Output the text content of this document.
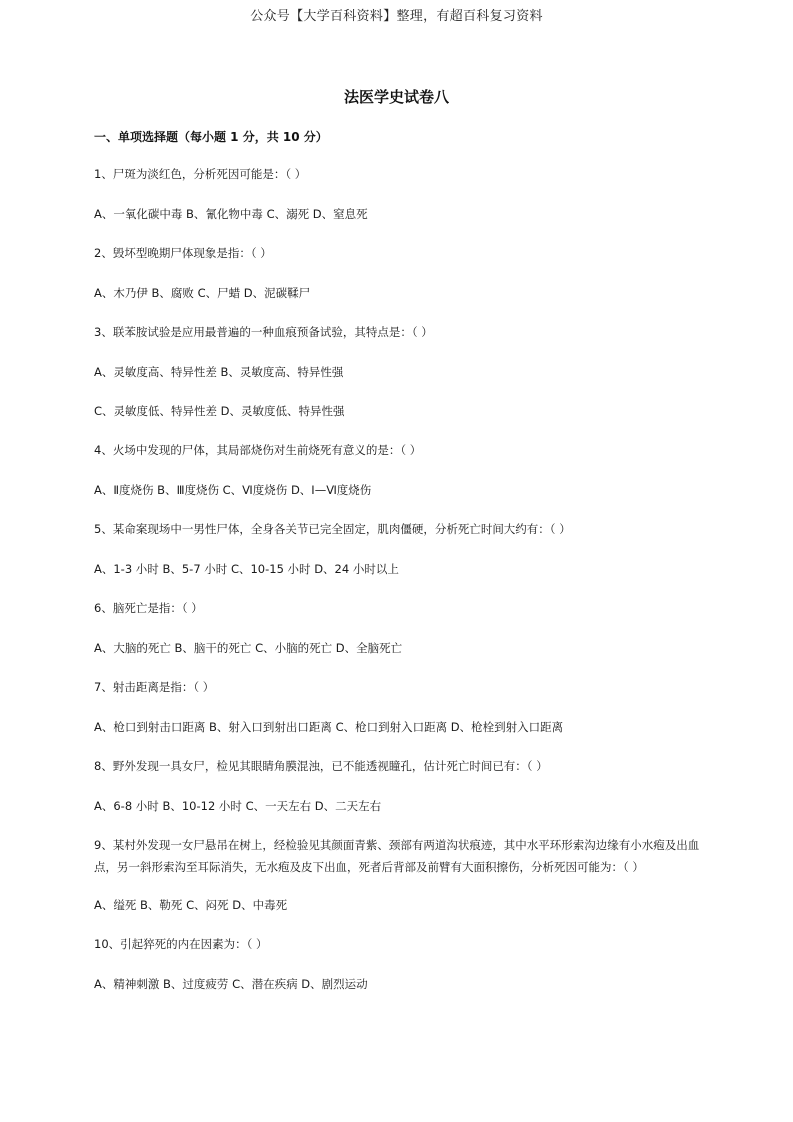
公众号【大学百科资料】整理，有超百科复习资料
法医学史试卷八
一、单项选择题（每小题 1 分，共 10 分）
1、尸斑为淡红色，分析死因可能是：（ ）
A、一氧化碳中毒 B、氰化物中毒 C、溺死 D、窒息死
2、毁坏型晚期尸体现象是指：（ ）
A、木乃伊 B、腐败 C、尸蜡 D、泥碳鞣尸
3、联苯胺试验是应用最普遍的一种血痕预备试验，其特点是：（ ）
A、灵敏度高、特异性差 B、灵敏度高、特异性强
C、灵敏度低、特异性差 D、灵敏度低、特异性强
4、火场中发现的尸体，其局部烧伤对生前烧死有意义的是：（ ）
A、Ⅱ度烧伤 B、Ⅲ度烧伤 C、Ⅵ度烧伤 D、Ⅰ—Ⅵ度烧伤
5、某命案现场中一男性尸体，全身各关节已完全固定，肌肉僵硬，分析死亡时间大约有：（ ）
A、1-3 小时 B、5-7 小时 C、10-15 小时 D、24 小时以上
6、脑死亡是指：（ ）
A、大脑的死亡 B、脑干的死亡 C、小脑的死亡 D、全脑死亡
7、射击距离是指：（ ）
A、枪口到射击口距离 B、射入口到射出口距离 C、枪口到射入口距离 D、枪栓到射入口距离
8、野外发现一具女尸，检见其眼睛角膜混浊，已不能透视瞳孔，估计死亡时间已有：（ ）
A、6-8 小时 B、10-12 小时 C、一天左右 D、二天左右
9、某村外发现一女尸悬吊在树上，经检验见其颜面青紫、颈部有两道沟状痕迹，其中水平环形索沟边缘有小水疱及出血点，另一斜形索沟至耳际消失，无水疱及皮下出血，死者后背部及前臂有大面积擦伤，分析死因可能为：（ ）
A、缢死 B、勒死 C、闷死 D、中毒死
10、引起猝死的内在因素为：（ ）
A、精神刺激 B、过度疲劳 C、潜在疾病 D、剧烈运动
